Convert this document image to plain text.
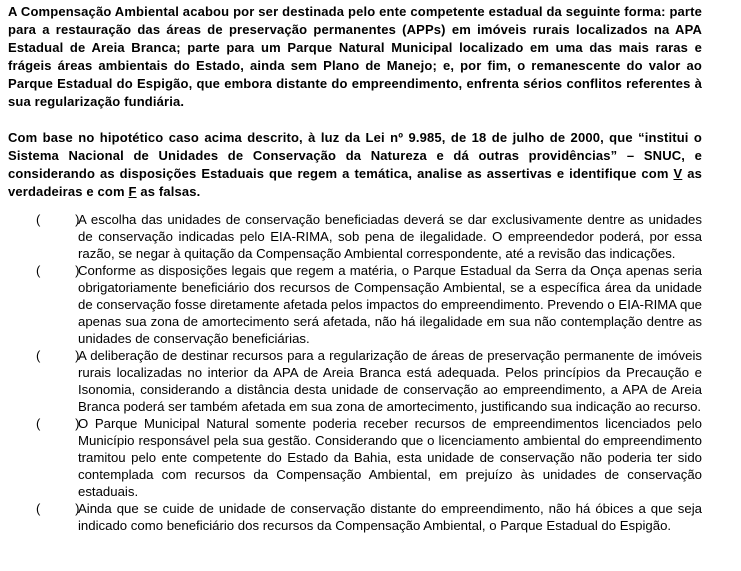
A Compensação Ambiental acabou por ser destinada pelo ente competente estadual da seguinte forma: parte para a restauração das áreas de preservação permanentes (APPs) em imóveis rurais localizados na APA Estadual de Areia Branca; parte para um Parque Natural Municipal localizado em uma das mais raras e frágeis áreas ambientais do Estado, ainda sem Plano de Manejo; e, por fim, o remanescente do valor ao Parque Estadual do Espigão, que embora distante do empreendimento, enfrenta sérios conflitos referentes à sua regularização fundiária.

Com base no hipotético caso acima descrito, à luz da Lei nº 9.985, de 18 de julho de 2000, que “institui o Sistema Nacional de Unidades de Conservação da Natureza e dá outras providências” – SNUC, e considerando as disposições Estaduais que regem a temática, analise as assertivas e identifique com V as verdadeiras e com F as falsas.

(   )

A escolha das unidades de conservação beneficiadas deverá se dar exclusivamente dentre as unidades de conservação indicadas pelo EIA-RIMA, sob pena de ilegalidade. O empreendedor poderá, por essa razão, se negar à quitação da Compensação Ambiental correspondente, até a revisão das indicações.

(   )

Conforme as disposições legais que regem a matéria, o Parque Estadual da Serra da Onça apenas seria obrigatoriamente beneficiário dos recursos de Compensação Ambiental, se a específica área da unidade de conservação fosse diretamente afetada pelos impactos do empreendimento. Prevendo o EIA-RIMA que apenas sua zona de amortecimento será afetada, não há ilegalidade em sua não contemplação dentre as unidades de conservação beneficiárias.

(   )

A deliberação de destinar recursos para a regularização de áreas de preservação permanente de imóveis rurais localizadas no interior da APA de Areia Branca está adequada. Pelos princípios da Precaução e Isonomia, considerando a distância desta unidade de conservação ao empreendimento, a APA de Areia Branca poderá ser também afetada em sua zona de amortecimento, justificando sua indicação ao recurso.

(   )

O Parque Municipal Natural somente poderia receber recursos de empreendimentos licenciados pelo Município responsável pela sua gestão. Considerando que o licenciamento ambiental do empreendimento tramitou pelo ente competente do Estado da Bahia, esta unidade de conservação não poderia ter sido contemplada com recursos da Compensação Ambiental, em prejuízo às unidades de conservação estaduais.

(   )

Ainda que se cuide de unidade de conservação distante do empreendimento, não há óbices a que seja indicado como beneficiário dos recursos da Compensação Ambiental, o Parque Estadual do Espigão.
